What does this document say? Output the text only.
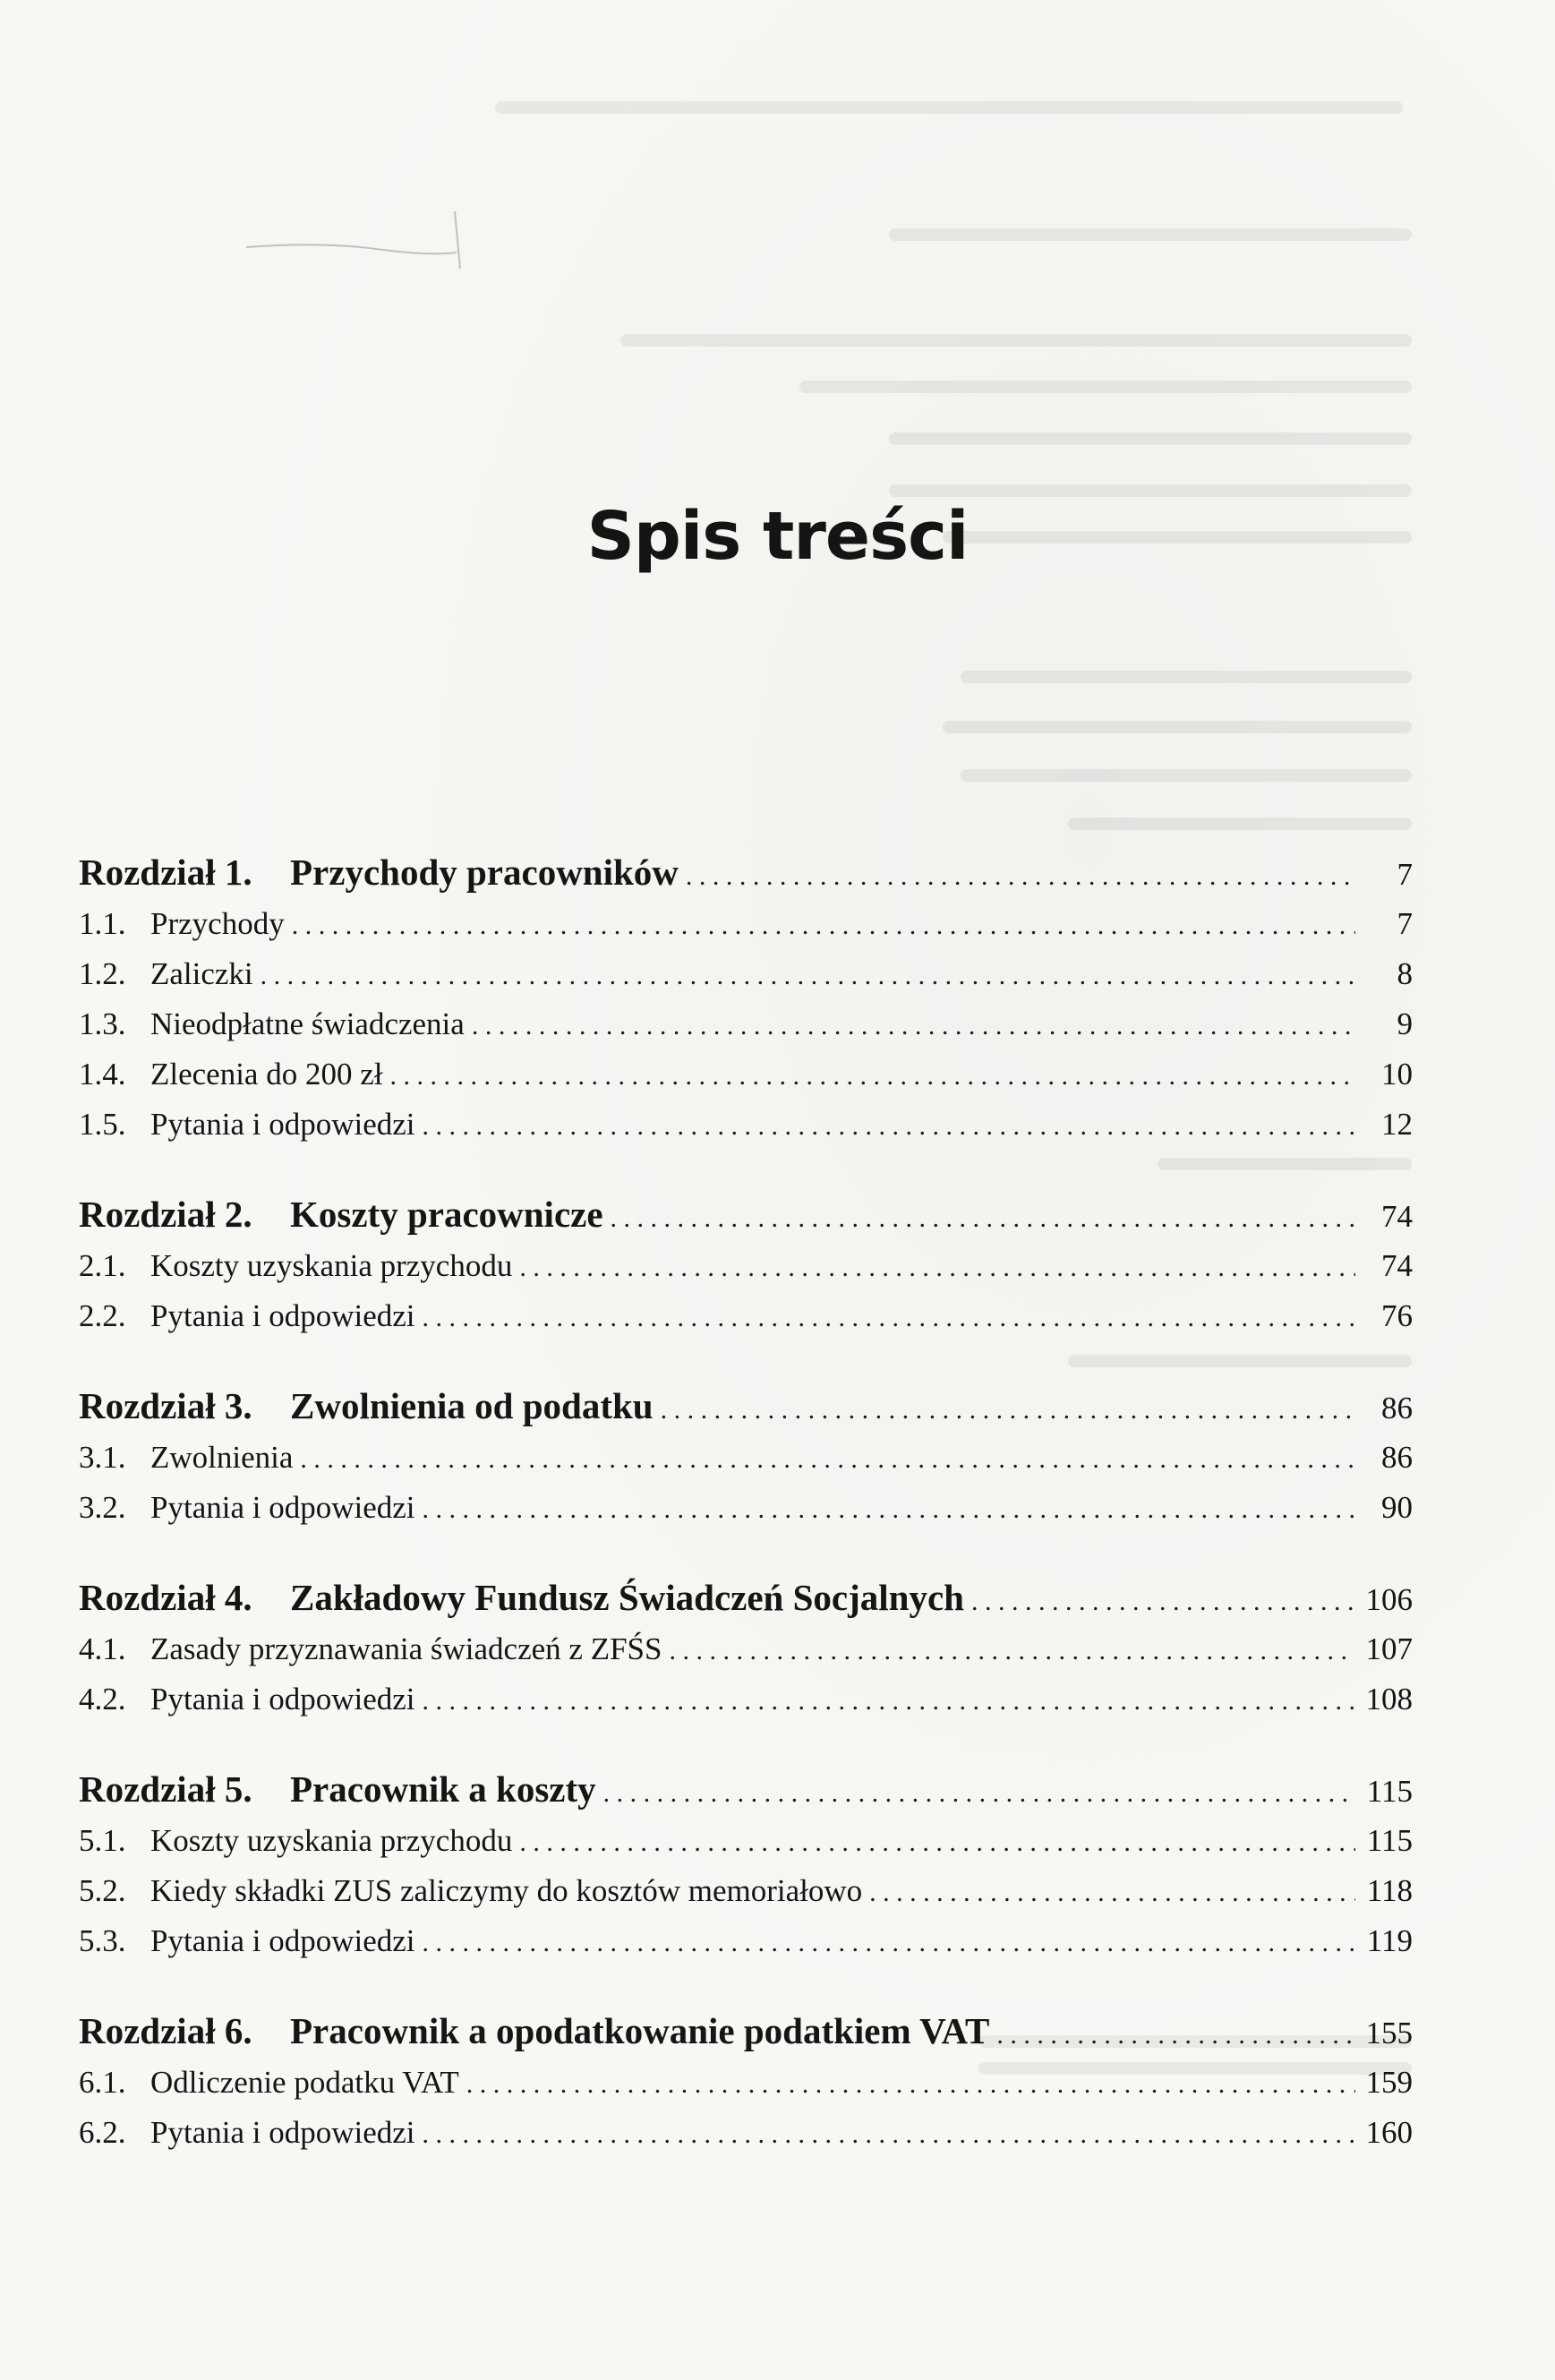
Spis treści
Rozdział 1.	Przychody pracowników . . .	7
1.1. Przychody . . .	7
1.2. Zaliczki . . .	8
1.3. Nieodpłatne świadczenia . . .	9
1.4. Zlecenia do 200 zł . . .	10
1.5. Pytania i odpowiedzi . . .	12
Rozdział 2.	Koszty pracownicze . . .	74
2.1. Koszty uzyskania przychodu . . .	74
2.2. Pytania i odpowiedzi . . .	76
Rozdział 3.	Zwolnienia od podatku . . .	86
3.1. Zwolnienia . . .	86
3.2. Pytania i odpowiedzi . . .	90
Rozdział 4.	Zakładowy Fundusz Świadczeń Socjalnych . . .	106
4.1. Zasady przyznawania świadczeń z ZFŚS . . .	107
4.2. Pytania i odpowiedzi . . .	108
Rozdział 5.	Pracownik a koszty . . .	115
5.1. Koszty uzyskania przychodu . . .	115
5.2. Kiedy składki ZUS zaliczymy do kosztów memoriałowo . . .	118
5.3. Pytania i odpowiedzi . . .	119
Rozdział 6.	Pracownik a opodatkowanie podatkiem VAT . . .	155
6.1. Odliczenie podatku VAT . . .	159
6.2. Pytania i odpowiedzi . . .	160
